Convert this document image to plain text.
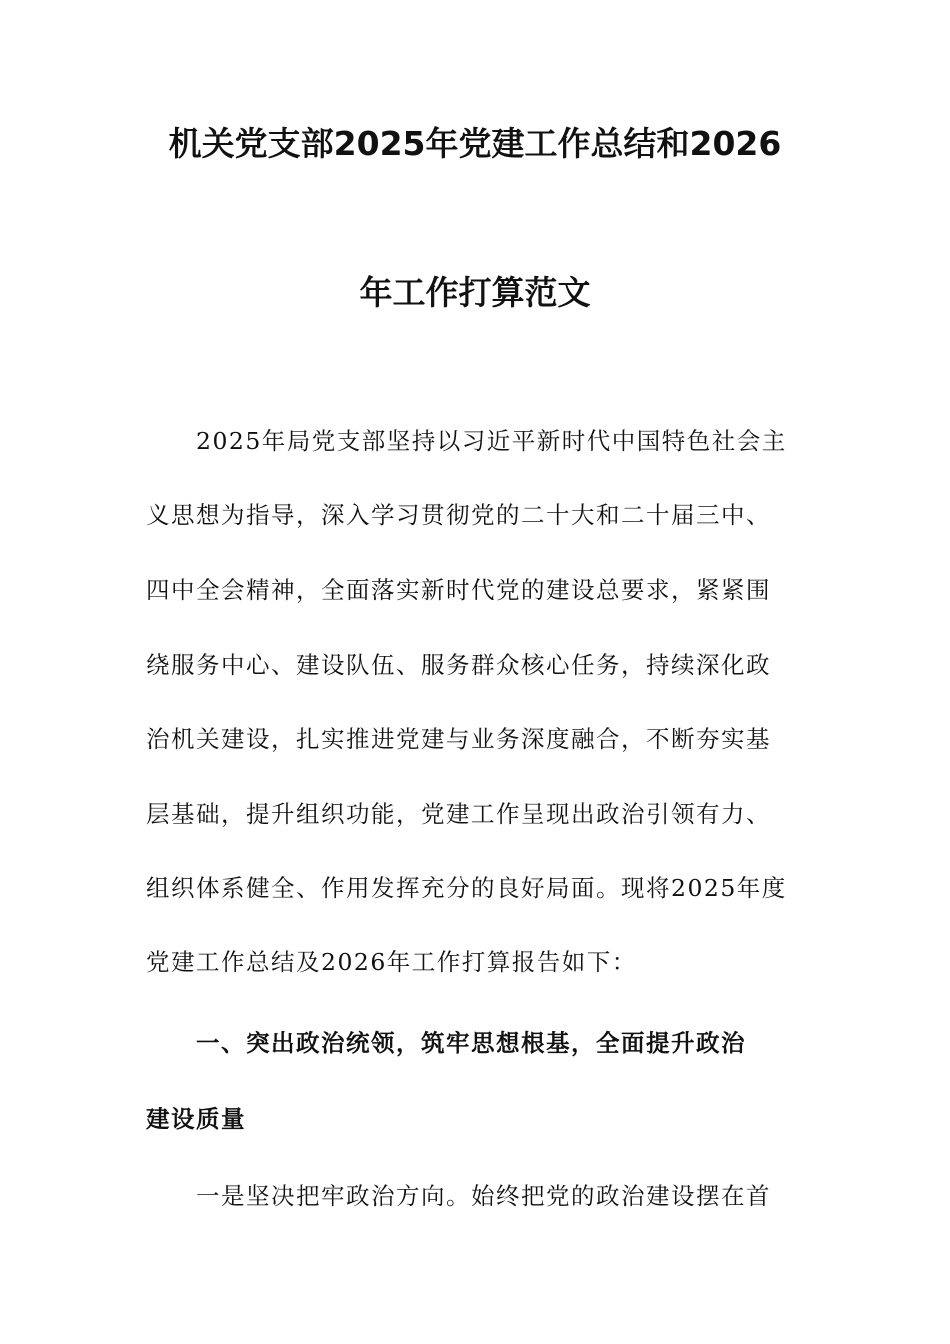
机关党支部2025年党建工作总结和2026
年工作打算范文
2025年局党支部坚持以习近平新时代中国特色社会主
义思想为指导，深入学习贯彻党的二十大和二十届三中、
四中全会精神，全面落实新时代党的建设总要求，紧紧围
绕服务中心、建设队伍、服务群众核心任务，持续深化政
治机关建设，扎实推进党建与业务深度融合，不断夯实基
层基础，提升组织功能，党建工作呈现出政治引领有力、
组织体系健全、作用发挥充分的良好局面。现将2025年度
党建工作总结及2026年工作打算报告如下：
一、突出政治统领，筑牢思想根基，全面提升政治
建设质量
一是坚决把牢政治方向。始终把党的政治建设摆在首
